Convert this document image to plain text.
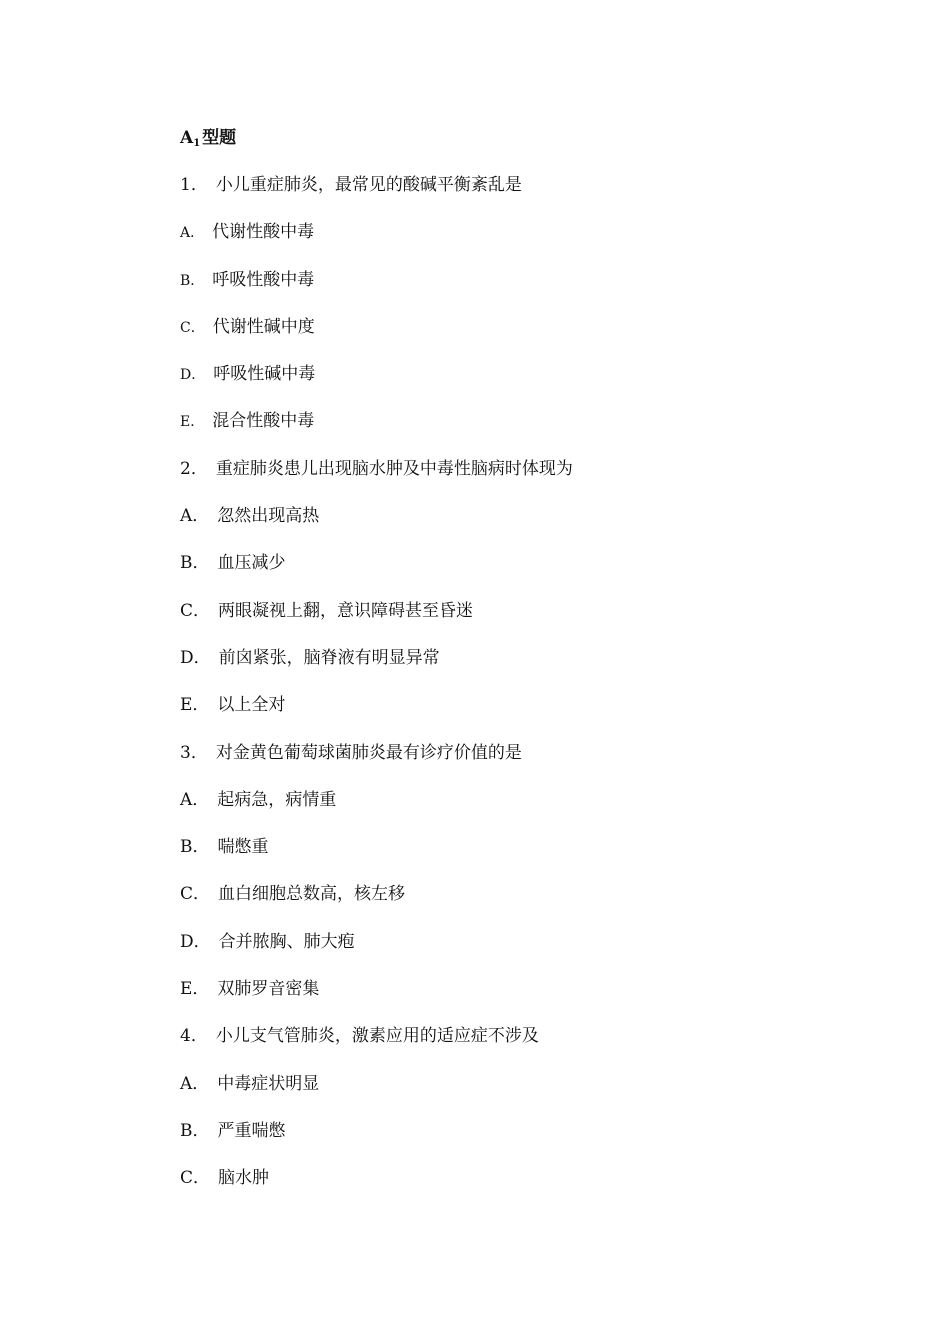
A1 型题
1． 小儿重症肺炎，最常见的酸碱平衡紊乱是
A． 代谢性酸中毒
B． 呼吸性酸中毒
C． 代谢性碱中度
D． 呼吸性碱中毒
E． 混合性酸中毒
2． 重症肺炎患儿出现脑水肿及中毒性脑病时体现为
A． 忽然出现高热
B． 血压减少
C． 两眼凝视上翻，意识障碍甚至昏迷
D． 前囟紧张，脑脊液有明显异常
E． 以上全对
3． 对金黄色葡萄球菌肺炎最有诊疗价值的是
A． 起病急，病情重
B． 喘憋重
C． 血白细胞总数高，核左移
D． 合并脓胸、肺大疱
E． 双肺罗音密集
4． 小儿支气管肺炎，激素应用的适应症不涉及
A． 中毒症状明显
B． 严重喘憋
C． 脑水肿
